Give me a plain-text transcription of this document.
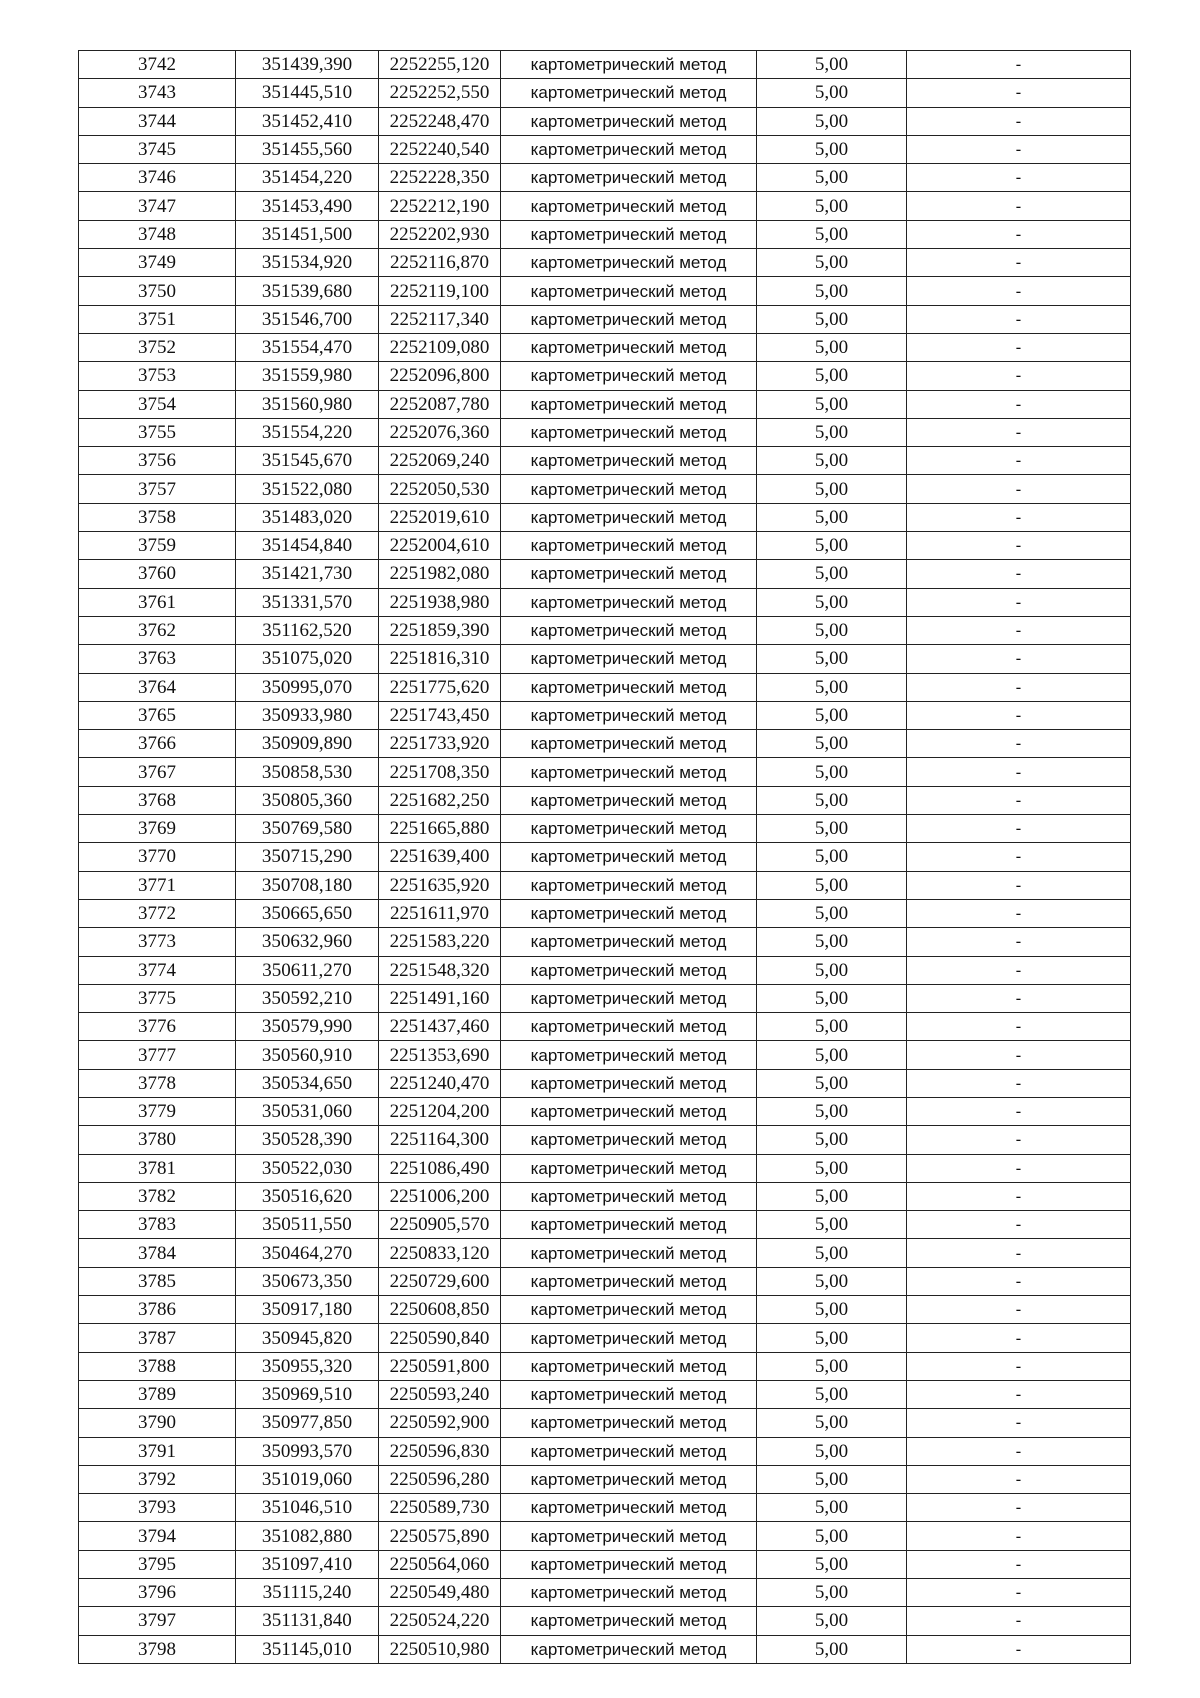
3742	351439,390	2252255,120	картометрический метод	5,00	-
3743	351445,510	2252252,550	картометрический метод	5,00	-
3744	351452,410	2252248,470	картометрический метод	5,00	-
3745	351455,560	2252240,540	картометрический метод	5,00	-
3746	351454,220	2252228,350	картометрический метод	5,00	-
3747	351453,490	2252212,190	картометрический метод	5,00	-
3748	351451,500	2252202,930	картометрический метод	5,00	-
3749	351534,920	2252116,870	картометрический метод	5,00	-
3750	351539,680	2252119,100	картометрический метод	5,00	-
3751	351546,700	2252117,340	картометрический метод	5,00	-
3752	351554,470	2252109,080	картометрический метод	5,00	-
3753	351559,980	2252096,800	картометрический метод	5,00	-
3754	351560,980	2252087,780	картометрический метод	5,00	-
3755	351554,220	2252076,360	картометрический метод	5,00	-
3756	351545,670	2252069,240	картометрический метод	5,00	-
3757	351522,080	2252050,530	картометрический метод	5,00	-
3758	351483,020	2252019,610	картометрический метод	5,00	-
3759	351454,840	2252004,610	картометрический метод	5,00	-
3760	351421,730	2251982,080	картометрический метод	5,00	-
3761	351331,570	2251938,980	картометрический метод	5,00	-
3762	351162,520	2251859,390	картометрический метод	5,00	-
3763	351075,020	2251816,310	картометрический метод	5,00	-
3764	350995,070	2251775,620	картометрический метод	5,00	-
3765	350933,980	2251743,450	картометрический метод	5,00	-
3766	350909,890	2251733,920	картометрический метод	5,00	-
3767	350858,530	2251708,350	картометрический метод	5,00	-
3768	350805,360	2251682,250	картометрический метод	5,00	-
3769	350769,580	2251665,880	картометрический метод	5,00	-
3770	350715,290	2251639,400	картометрический метод	5,00	-
3771	350708,180	2251635,920	картометрический метод	5,00	-
3772	350665,650	2251611,970	картометрический метод	5,00	-
3773	350632,960	2251583,220	картометрический метод	5,00	-
3774	350611,270	2251548,320	картометрический метод	5,00	-
3775	350592,210	2251491,160	картометрический метод	5,00	-
3776	350579,990	2251437,460	картометрический метод	5,00	-
3777	350560,910	2251353,690	картометрический метод	5,00	-
3778	350534,650	2251240,470	картометрический метод	5,00	-
3779	350531,060	2251204,200	картометрический метод	5,00	-
3780	350528,390	2251164,300	картометрический метод	5,00	-
3781	350522,030	2251086,490	картометрический метод	5,00	-
3782	350516,620	2251006,200	картометрический метод	5,00	-
3783	350511,550	2250905,570	картометрический метод	5,00	-
3784	350464,270	2250833,120	картометрический метод	5,00	-
3785	350673,350	2250729,600	картометрический метод	5,00	-
3786	350917,180	2250608,850	картометрический метод	5,00	-
3787	350945,820	2250590,840	картометрический метод	5,00	-
3788	350955,320	2250591,800	картометрический метод	5,00	-
3789	350969,510	2250593,240	картометрический метод	5,00	-
3790	350977,850	2250592,900	картометрический метод	5,00	-
3791	350993,570	2250596,830	картометрический метод	5,00	-
3792	351019,060	2250596,280	картометрический метод	5,00	-
3793	351046,510	2250589,730	картометрический метод	5,00	-
3794	351082,880	2250575,890	картометрический метод	5,00	-
3795	351097,410	2250564,060	картометрический метод	5,00	-
3796	351115,240	2250549,480	картометрический метод	5,00	-
3797	351131,840	2250524,220	картометрический метод	5,00	-
3798	351145,010	2250510,980	картометрический метод	5,00	-
